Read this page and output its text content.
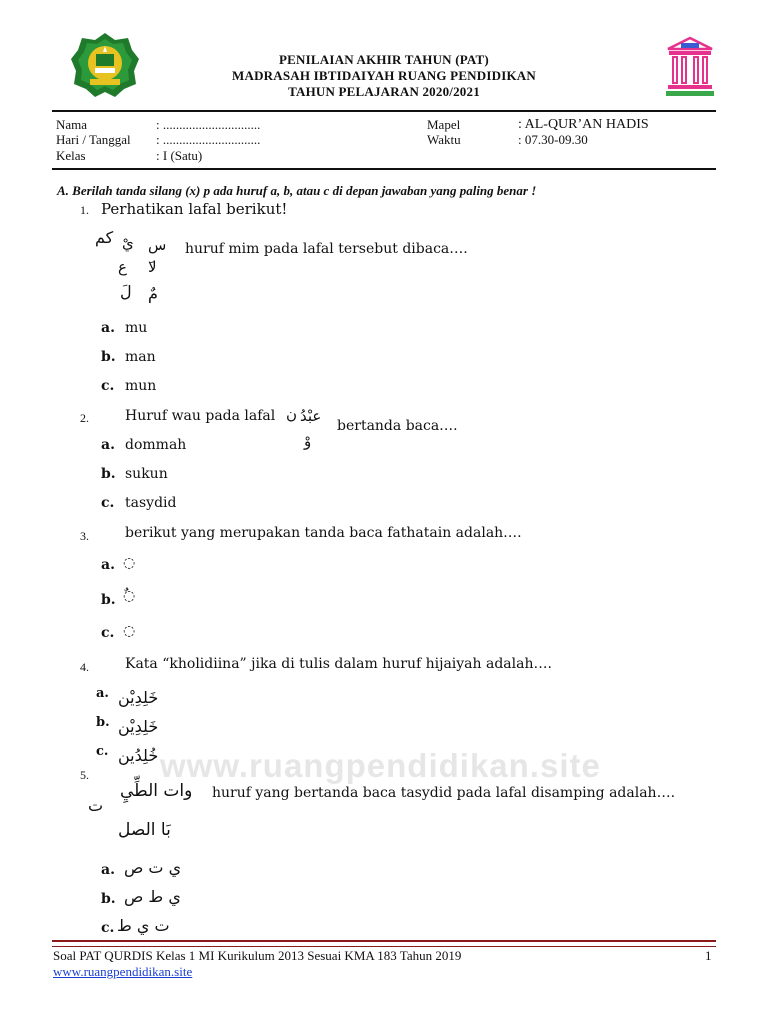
PENILAIAN AKHIR TAHUN (PAT)
MADRASAH IBTIDAIYAH RUANG PENDIDIKAN
TAHUN PELAJARAN 2020/2021
Nama	: ..............................
Hari / Tanggal : ..............................
Kelas	: I (Satu)
Mapel	: AL-QUR’AN HADIS
Waktu	: 07.30-09.30
A. Berilah tanda silang (x) p ada huruf a, b, atau c di depan jawaban yang paling benar !
www.ruangpendidikan.site
1. Perhatikan lafal berikut!
كم يْ س
ع َلا
لَ مٌ
huruf mim pada lafal tersebut dibaca….
a. mu
b. man
c. mun
2.	Huruf wau pada lafal عبْدُ
ن
وْ
bertanda baca….
a. dommah
b. sukun
c. tasydid
3.	berikut yang merupakan tanda baca fathatain adalah….
a. ◌
b. ◌ٌ
c. ◌
4.	Kata “kholidiina” jika di tulis dalam huruf hijaiyah adalah….
a. خَلِدِيْن
b. خَلِدِيْن
c. خُلِدُين
5.
وات الطِّيِ
ت
بَا الصل
huruf yang bertanda baca tasydid pada lafal disamping adalah….
a. ي ت ص
b. ي ط ص
c. ت ي ط
Soal PAT QURDIS Kelas 1 MI Kurikulum 2013 Sesuai KMA 183 Tahun 2019	1
www.ruangpendidikan.site
